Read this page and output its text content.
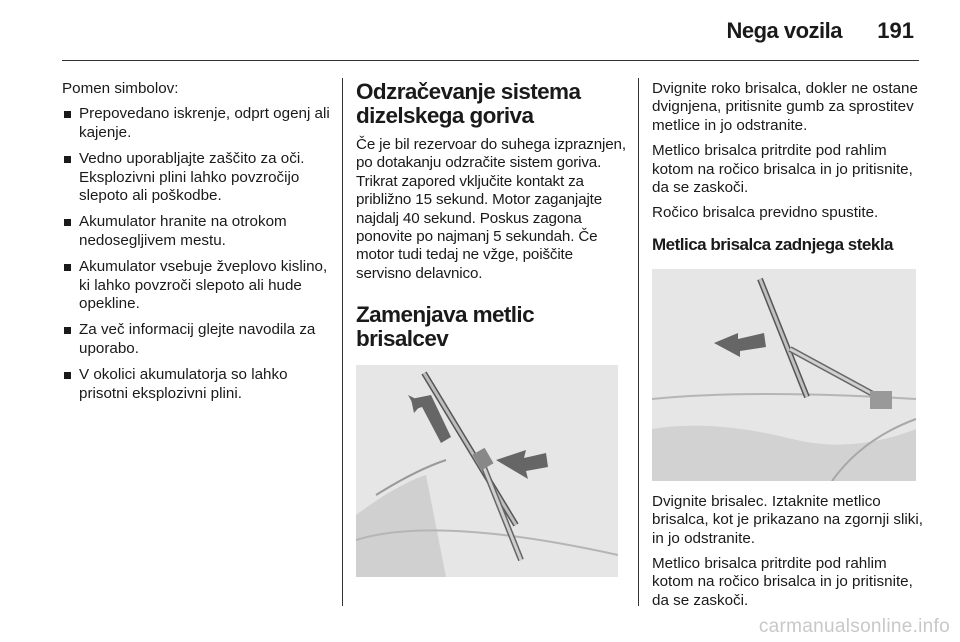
Nega vozila 191

Pomen simbolov:

Prepovedano iskrenje, odprt ogenj ali kajenje.
Vedno uporabljajte zaščito za oči. Eksplozivni plini lahko povzročijo slepoto ali poškodbe.
Akumulator hranite na otrokom nedosegljivem mestu.
Akumulator vsebuje žveplovo kislino, ki lahko povzroči slepoto ali hude opekline.
Za več informacij glejte navodila za uporabo.
V okolici akumulatorja so lahko prisotni eksplozivni plini.
Odzračevanje sistema dizelskega goriva

Če je bil rezervoar do suhega izpraznjen, po dotakanju odzračite sistem goriva. Trikrat zapored vključite kontakt za približno 15 sekund. Motor zaganjajte najdalj 40 sekund. Poskus zagona ponovite po najmanj 5 sekundah. Če motor tudi tedaj ne vžge, poiščite servisno delavnico.

Zamenjava metlic brisalcev

Dvignite roko brisalca, dokler ne ostane dvignjena, pritisnite gumb za sprostitev metlice in jo odstranite.

Metlico brisalca pritrdite pod rahlim kotom na ročico brisalca in jo pritisnite, da se zaskoči.

Ročico brisalca previdno spustite.

Metlica brisalca zadnjega stekla

Dvignite brisalec. Iztaknite metlico brisalca, kot je prikazano na zgornji sliki, in jo odstranite.

Metlico brisalca pritrdite pod rahlim kotom na ročico brisalca in jo pritisnite, da se zaskoči.

carmanualsonline.info
